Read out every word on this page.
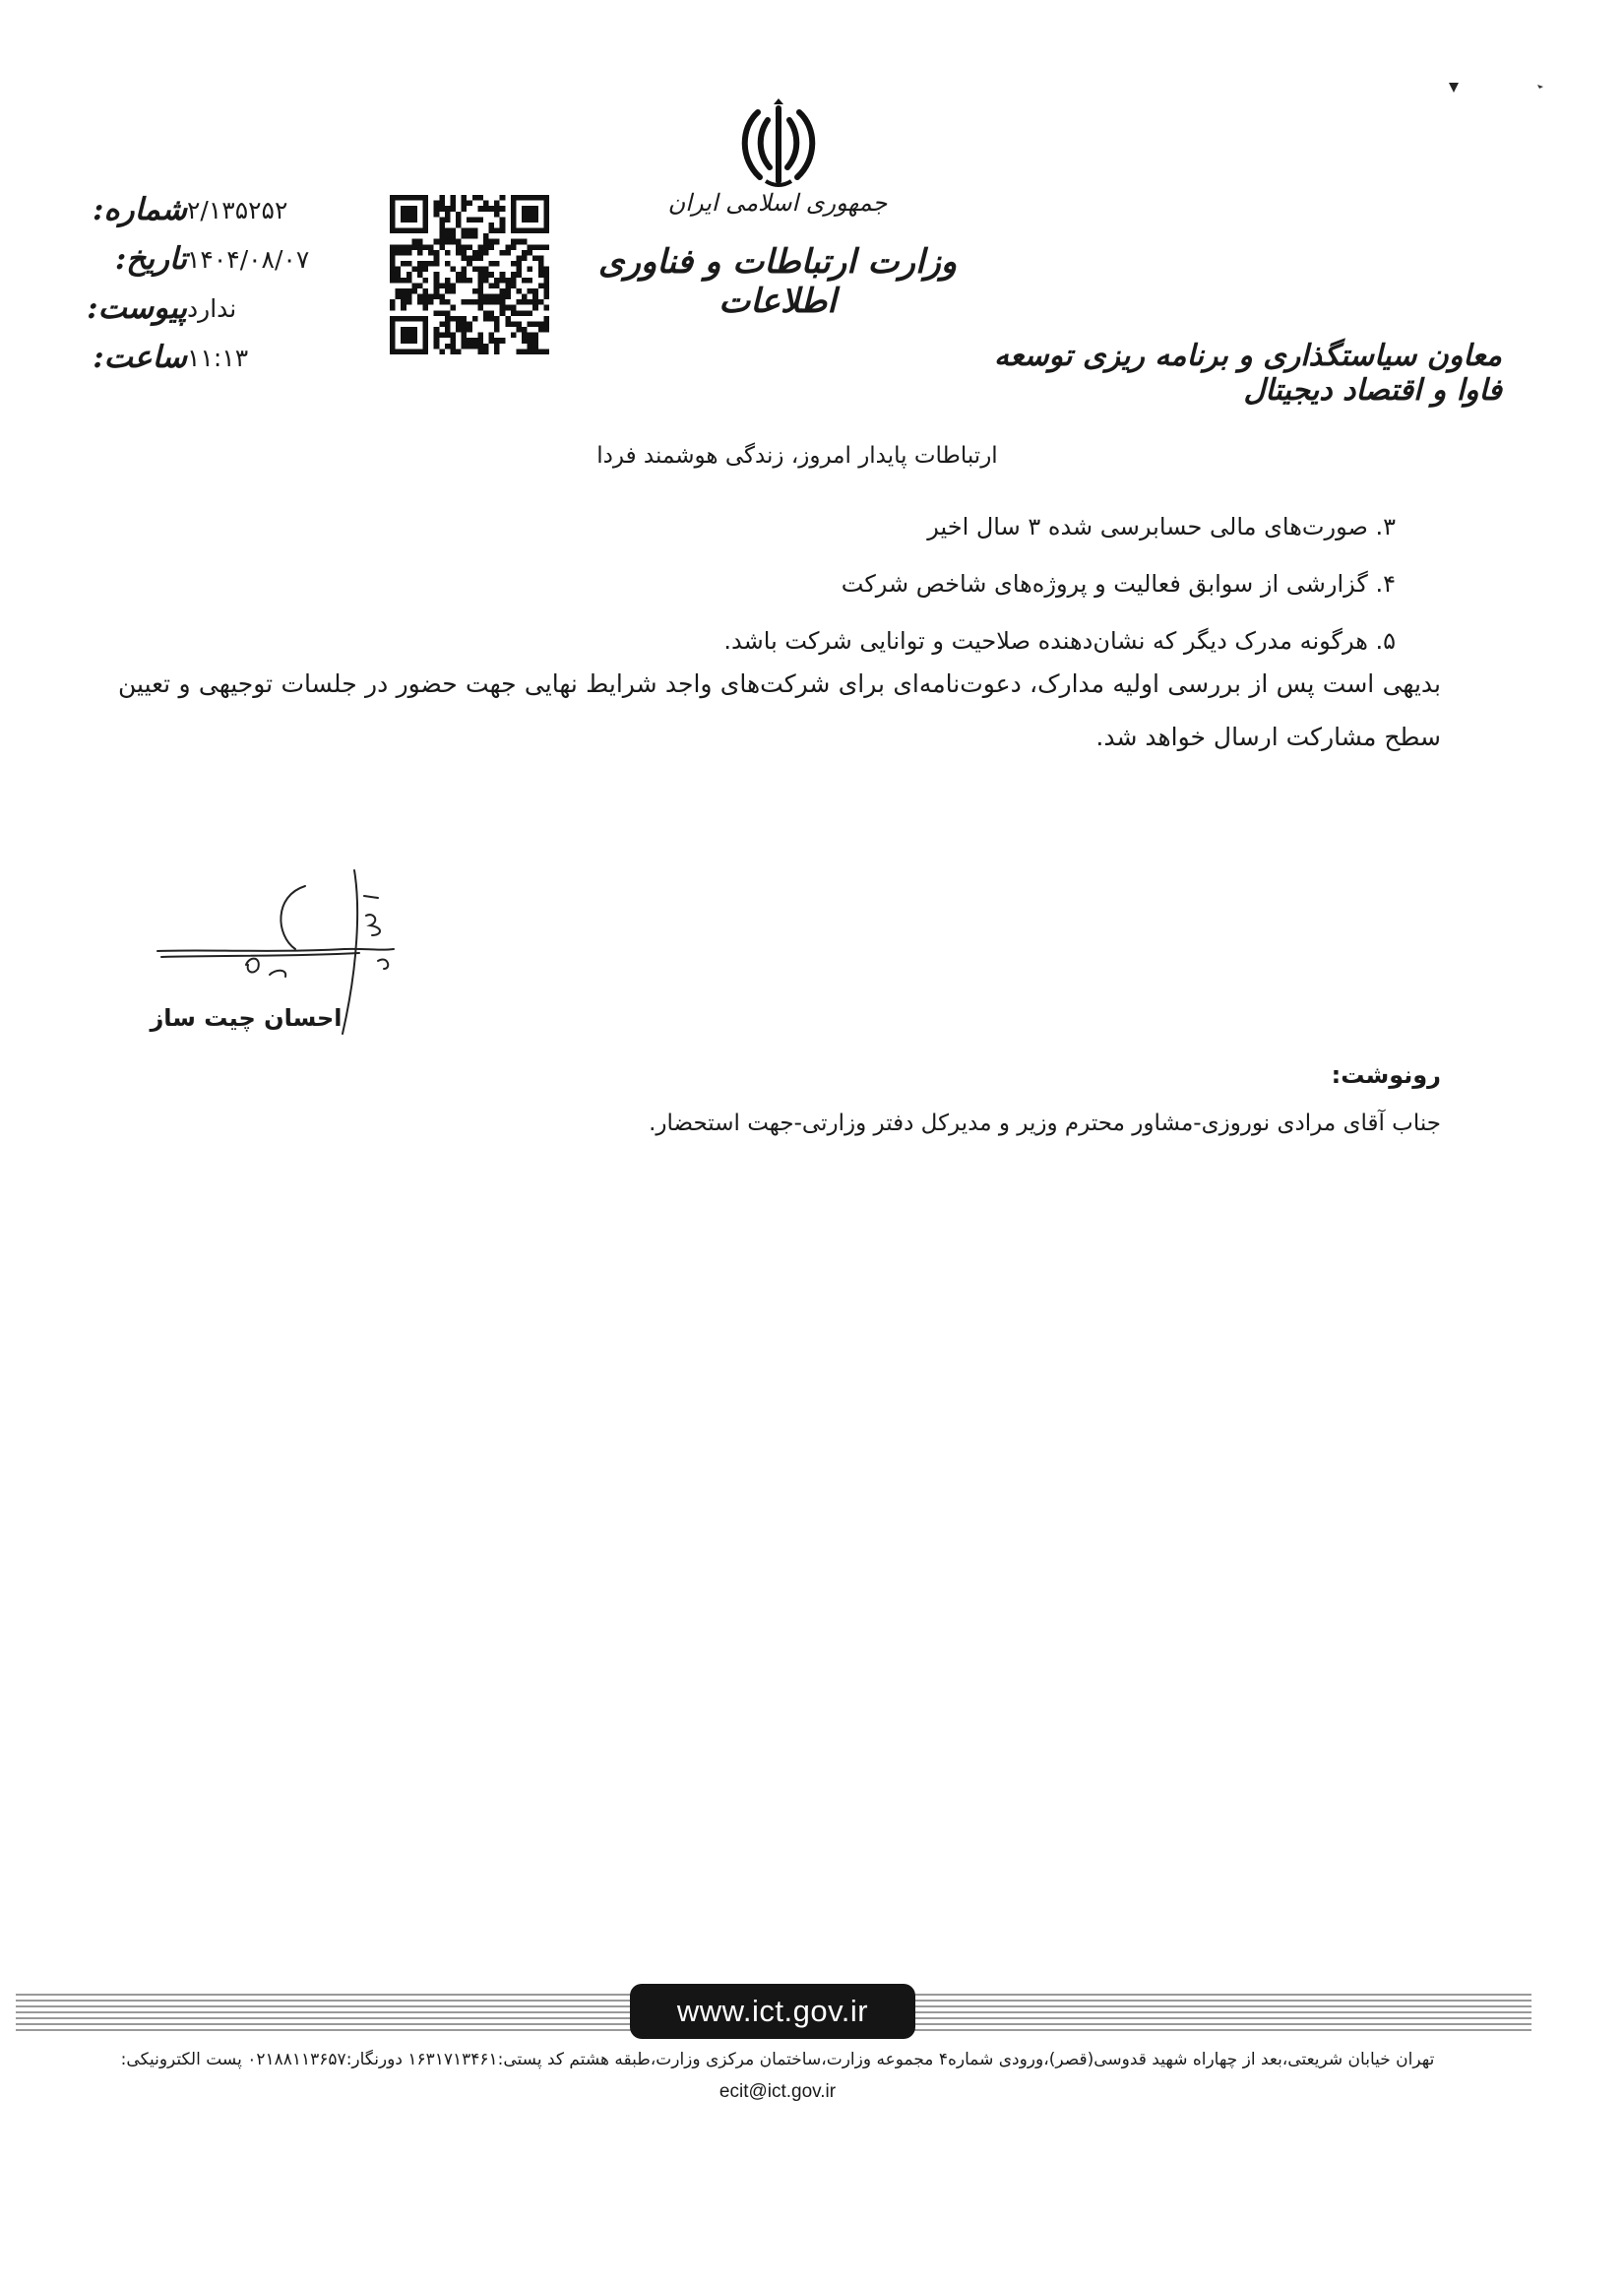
جمهوری اسلامی ایران
وزارت ارتباطات و فناوری اطلاعات
معاون سیاستگذاری و برنامه ریزی توسعه فاوا و اقتصاد دیجیتال
شماره: ۲/۱۳۵۲۵۲
تاریخ: ۱۴۰۴/۰۸/۰۷
پیوست: ندارد
ساعت: ۱۱:۱۳
ارتباطات پایدار امروز، زندگی هوشمند فردا
۳. صورت‌های مالی حسابرسی شده ۳ سال اخیر
۴. گزارشی از سوابق فعالیت و پروژه‌های شاخص شرکت
۵. هرگونه مدرک دیگر که نشان‌دهنده صلاحیت و توانایی شرکت باشد.
بدیهی است پس از بررسی اولیه مدارک، دعوت‌نامه‌ای برای شرکت‌های واجد شرایط نهایی جهت حضور در جلسات توجیهی و تعیین سطح مشارکت ارسال خواهد شد.
احسان چیت ساز
رونوشت:
جناب آقای مرادی نوروزی-مشاور محترم وزیر و مدیرکل دفتر وزارتی-جهت استحضار.
www.ict.gov.ir
تهران خیابان شریعتی،بعد از چهاراه شهید قدوسی(قصر)،ورودی شماره۴ مجموعه وزارت،ساختمان مرکزی وزارت،طبقه هشتم کد پستی:۱۶۳۱۷۱۳۴۶۱ دورنگار:۰۲۱۸۸۱۱۳۶۵۷ پست الکترونیکی:
ecit@ict.gov.ir
